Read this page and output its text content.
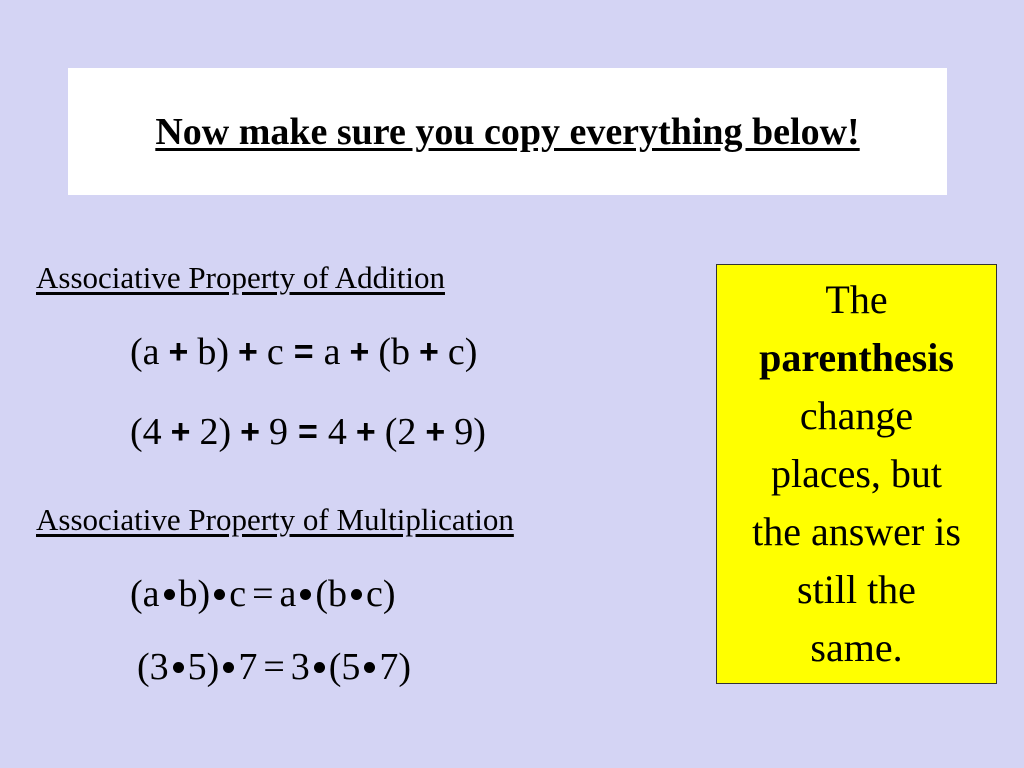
Now make sure you copy everything below!
Associative Property of Addition
(a + b) + c = a + (b + c)
(4 + 2) + 9 = 4 + (2 + 9)
Associative Property of Multiplication
(a b) c = a (b c)
(3 5) 7 = 3 (5 7)
The
parenthesis
change
places, but
the answer is
still the
same.
